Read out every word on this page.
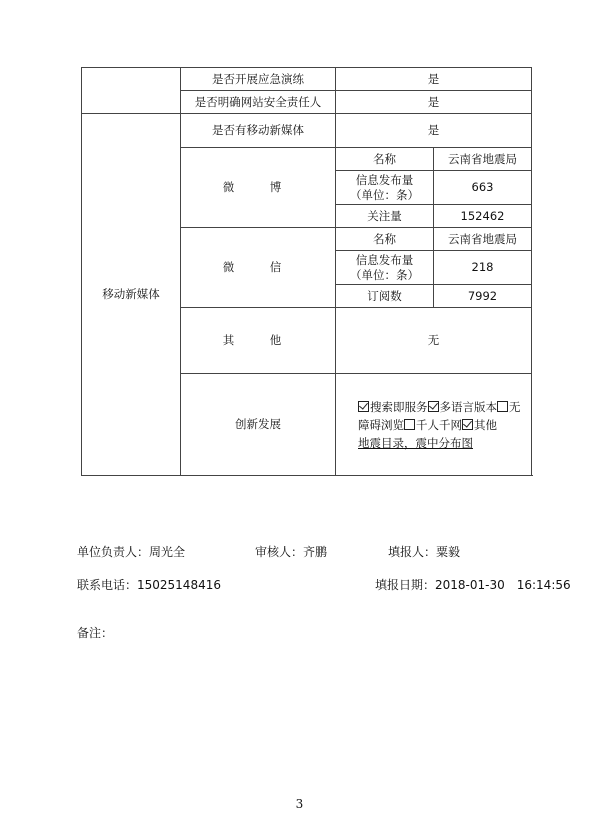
	是否开展应急演练	是	
	是否明确网站安全责任人	是	
移动新媒体	是否有移动新媒体	是	
	微　博	名称	云南省地震局

		信息发布量
（单位：条）	663
		关注量	152462
	微　信	名称	云南省地震局

		信息发布量
（单位：条）	218
		订阅数	7992
	其　他	无	
	创新发展	搜索即服务 多语言版本 无障碍浏览 千人千网 其他
地震目录，震中分布图	
单位负责人：周光全	审核人：齐鹏	填报人：粟毅
联系电话：15025148416	填报日期：2018-01-30　16:14:56
备注：
3
